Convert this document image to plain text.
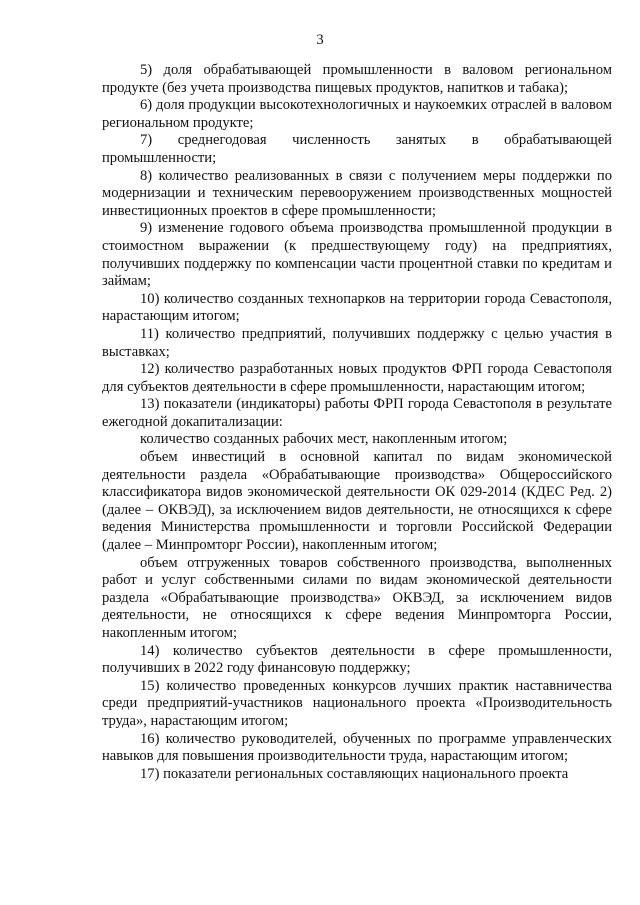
3

5) доля обрабатывающей промышленности в валовом региональном продукте (без учета производства пищевых продуктов, напитков и табака);

6) доля продукции высокотехнологичных и наукоемких отраслей в валовом региональном продукте;

7) среднегодовая численность занятых в обрабатывающей промышленности;

8) количество реализованных в связи с получением меры поддержки по модернизации и техническим перевооружением производственных мощностей инвестиционных проектов в сфере промышленности;

9) изменение годового объема производства промышленной продукции в стоимостном выражении (к предшествующему году) на предприятиях, получивших поддержку по компенсации части процентной ставки по кредитам и займам;

10) количество созданных технопарков на территории города Севастополя, нарастающим итогом;

11) количество предприятий, получивших поддержку с целью участия в выставках;

12) количество разработанных новых продуктов ФРП города Севастополя для субъектов деятельности в сфере промышленности, нарастающим итогом;

13) показатели (индикаторы) работы ФРП города Севастополя в результате ежегодной докапитализации:

количество созданных рабочих мест, накопленным итогом;

объем инвестиций в основной капитал по видам экономической деятельности раздела «Обрабатывающие производства» Общероссийского классификатора видов экономической деятельности ОК 029-2014 (КДЕС Ред. 2) (далее – ОКВЭД), за исключением видов деятельности, не относящихся к сфере ведения Министерства промышленности и торговли Российской Федерации (далее – Минпромторг России), накопленным итогом;

объем отгруженных товаров собственного производства, выполненных работ и услуг собственными силами по видам экономической деятельности раздела «Обрабатывающие производства» ОКВЭД, за исключением видов деятельности, не относящихся к сфере ведения Минпромторга России, накопленным итогом;

14) количество субъектов деятельности в сфере промышленности, получивших в 2022 году финансовую поддержку;

15) количество проведенных конкурсов лучших практик наставничества среди предприятий-участников национального проекта «Производительность труда», нарастающим итогом;

16) количество руководителей, обученных по программе управленческих навыков для повышения производительности труда, нарастающим итогом;

17) показатели региональных составляющих национального проекта
